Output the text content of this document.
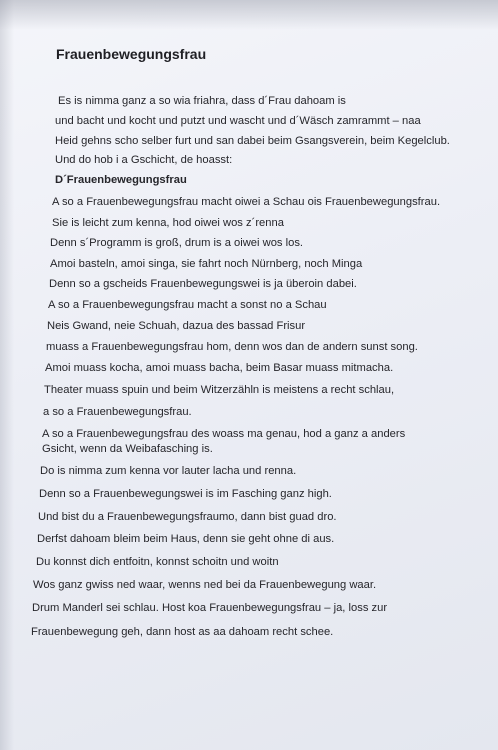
Frauenbewegungsfrau

Es is nimma ganz a so wia friahra, dass d´Frau dahoam is

und bacht und kocht und putzt und wascht und d´Wäsch zamrammt – naa

Heid gehns scho selber furt und san dabei beim Gsangsverein, beim Kegelclub.

Und do hob i a Gschicht, de hoasst:

D´Frauenbewegungsfrau

A so a Frauenbewegungsfrau macht oiwei a Schau ois Frauenbewegungsfrau.

Sie is leicht zum kenna, hod oiwei wos z´renna

Denn s´Programm is groß, drum is a oiwei wos los.

Amoi basteln, amoi singa, sie fahrt noch Nürnberg, noch Minga

Denn so a gscheids Frauenbewegungswei is ja überoin dabei.

A so a Frauenbewegungsfrau macht a sonst no a Schau

Neis Gwand, neie Schuah, dazua des bassad Frisur

muass a Frauenbewegungsfrau hom, denn wos dan de andern sunst song.

Amoi muass kocha, amoi muass bacha, beim Basar muass mitmacha.

Theater muass spuin und beim Witzerzähln is meistens a recht schlau,

a so a Frauenbewegungsfrau.

A so a Frauenbewegungsfrau des woass ma genau, hod a ganz a anders

Gsicht, wenn da Weibafasching is.

Do is nimma zum kenna vor lauter lacha und renna.

Denn so a Frauenbewegungswei is im Fasching ganz high.

Und bist du a Frauenbewegungsfraumo, dann bist guad dro.

Derfst dahoam bleim beim Haus, denn sie geht ohne di aus.

Du konnst dich entfoitn, konnst schoitn und woitn

Wos ganz gwiss ned waar, wenns ned bei da Frauenbewegung waar.

Drum Manderl sei schlau. Host koa Frauenbewegungsfrau – ja, loss zur

Frauenbewegung geh, dann host as aa dahoam recht schee.
